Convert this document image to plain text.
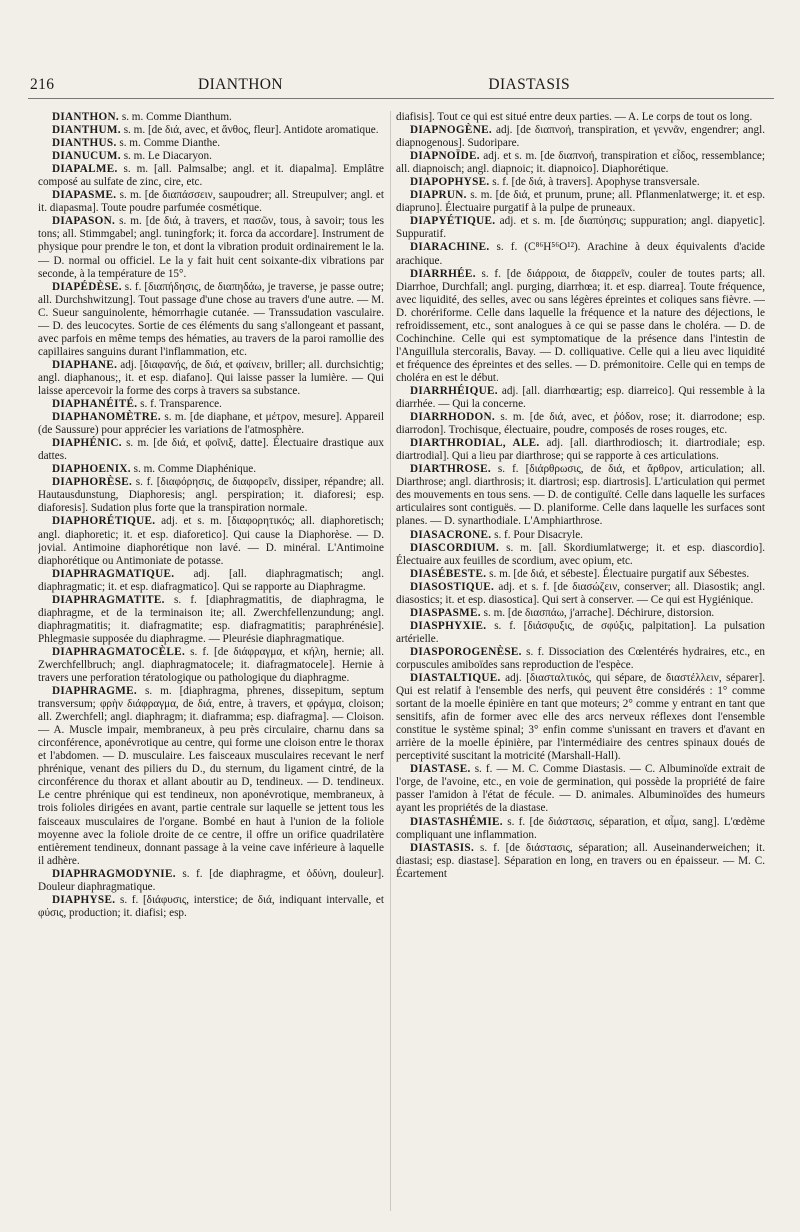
216	DIANTHON	DIASTASIS

DIANTHON. s. m. Comme Dianthum.

DIANTHUM. s. m. [de διά, avec, et ἄνθος, fleur]. Antidote aromatique.

DIANTHUS. s. m. Comme Dianthe.

DIANUCUM. s. m. Le Diacaryon.

DIAPALME. s. m. [all. Palmsalbe; angl. et it. diapalma]. Emplâtre composé au sulfate de zinc, cire, etc.

DIAPASME. s. m. [de διαπάσσειν, saupoudrer; all. Streupulver; angl. et it. diapasma]. Toute poudre parfumée cosmétique.

DIAPASON. s. m. [de διά, à travers, et πασῶν, tous, à savoir; tous les tons; all. Stimmgabel; angl. tuningfork; it. forca da accordare]. Instrument de physique pour prendre le ton, et dont la vibration produit ordinairement le la. — D. normal ou officiel. Le la y fait huit cent soixante-dix vibrations par seconde, à la température de 15°.

DIAPÉDÈSE. s. f. [διαπήδησις, de διαπηδάω, je traverse, je passe outre; all. Durchshwitzung]. Tout passage d'une chose au travers d'une autre. — M. C. Sueur sanguinolente, hémorrhagie cutanée. — Transsudation vasculaire. — D. des leucocytes. Sortie de ces éléments du sang s'allongeant et passant, avec parfois en même temps des hématies, au travers de la paroi ramollie des capillaires sanguins durant l'inflammation, etc.

DIAPHANE. adj. [διαφανής, de διά, et φαίνειν, briller; all. durchsichtig; angl. diaphanous;, it. et esp. diafano]. Qui laisse passer la lumière. — Qui laisse apercevoir la forme des corps à travers sa substance.

DIAPHANÉITÉ. s. f. Transparence.

DIAPHANOMÈTRE. s. m. [de diaphane, et μέτρον, mesure]. Appareil (de Saussure) pour apprécier les variations de l'atmosphère.

DIAPHÉNIC. s. m. [de διά, et φοῖνιξ, datte]. Électuaire drastique aux dattes.

DIAPHOENIX. s. m. Comme Diaphénique.

DIAPHORÈSE. s. f. [διαφόρησις, de διαφορεῖν, dissiper, répandre; all. Hautausdunstung, Diaphoresis; angl. perspiration; it. diaforesi; esp. diaforesis]. Sudation plus forte que la transpiration normale.

DIAPHORÉTIQUE. adj. et s. m. [διαφορητικός; all. diaphoretisch; angl. diaphoretic; it. et esp. diaforetico]. Qui cause la Diaphorèse. — D. jovial. Antimoine diaphorétique non lavé. — D. minéral. L'Antimoine diaphorétique ou Antimoniate de potasse.

DIAPHRAGMATIQUE. adj. [all. diaphragmatisch; angl. diaphragmatic; it. et esp. diafragmatico]. Qui se rapporte au Diaphragme.

DIAPHRAGMATITE. s. f. [diaphragmatitis, de diaphragma, le diaphragme, et de la terminaison ite; all. Zwerchfellenzundung; angl. diaphragmatitis; it. diafragmatite; esp. diafragmatitis; paraphrénésie]. Phlegmasie supposée du diaphragme. — Pleurésie diaphragmatique.

DIAPHRAGMATOCÈLE. s. f. [de διάφραγμα, et κήλη, hernie; all. Zwerchfellbruch; angl. diaphragmatocele; it. diafragmatocele]. Hernie à travers une perforation tératologique ou pathologique du diaphragme.

DIAPHRAGME. s. m. [diaphragma, phrenes, dissepitum, septum transversum; φρὴν διάφραγμα, de διά, entre, à travers, et φράγμα, cloison; all. Zwerchfell; angl. diaphragm; it. diaframma; esp. diafragma]. — Cloison. — A. Muscle impair, membraneux, à peu près circulaire, charnu dans sa circonférence, aponévrotique au centre, qui forme une cloison entre le thorax et l'abdomen. — D. musculaire. Les faisceaux musculaires recevant le nerf phrénique, venant des piliers du D., du sternum, du ligament cintré, de la circonférence du thorax et allant aboutir au D, tendineux. — D. tendineux. Le centre phrénique qui est tendineux, non aponévrotique, membraneux, à trois folioles dirigées en avant, partie centrale sur laquelle se jettent tous les faisceaux musculaires de l'organe. Bombé en haut à l'union de la foliole moyenne avec la foliole droite de ce centre, il offre un orifice quadrilatère entièrement tendineux, donnant passage à la veine cave inférieure à laquelle il adhère.

DIAPHRAGMODYNIE. s. f. [de diaphragme, et ὀδύνη, douleur]. Douleur diaphragmatique.

DIAPHYSE. s. f. [διάφυσις, interstice; de διά, indiquant intervalle, et φύσις, production; it. diafisi; esp.

diafisis]. Tout ce qui est situé entre deux parties. — A. Le corps de tout os long.

DIAPNOGÈNE. adj. [de διαπνοή, transpiration, et γεννᾶν, engendrer; angl. diapnogenous]. Sudoripare.

DIAPNOÏDE. adj. et s. m. [de διαπνοή, transpiration et εἶδος, ressemblance; all. diapnoisch; angl. diapnoic; it. diapnoico]. Diaphorétique.

DIAPOPHYSE. s. f. [de διά, à travers]. Apophyse transversale.

DIAPRUN. s. m. [de διά, et prunum, prune; all. Pflanmenlatwerge; it. et esp. diapruno]. Électuaire purgatif à la pulpe de pruneaux.

DIAPYÉTIQUE. adj. et s. m. [de διαπύησις; suppuration; angl. diapyetic]. Suppuratif.

DIARACHINE. s. f. (C⁸⁶H⁵⁶O¹²). Arachine à deux équivalents d'acide arachique.

DIARRHÉE. s. f. [de διάρροια, de διαρρεῖν, couler de toutes parts; all. Diarrhoe, Durchfall; angl. purging, diarrhœa; it. et esp. diarrea]. Toute fréquence, avec liquidité, des selles, avec ou sans légères épreintes et coliques sans fièvre. — D. chorériforme. Celle dans laquelle la fréquence et la nature des déjections, le refroidissement, etc., sont analogues à ce qui se passe dans le choléra. — D. de Cochinchine. Celle qui est symptomatique de la présence dans l'intestin de l'Anguillula stercoralis, Bavay. — D. colliquative. Celle qui a lieu avec liquidité et fréquence des épreintes et des selles. — D. prémonitoire. Celle qui en temps de choléra en est le début.

DIARRHÉIQUE. adj. [all. diarrhœartig; esp. diarreico]. Qui ressemble à la diarrhée. — Qui la concerne.

DIARRHODON. s. m. [de διά, avec, et ῥόδον, rose; it. diarrodone; esp. diarrodon]. Trochisque, électuaire, poudre, composés de roses rouges, etc.

DIARTHRODIAL, ALE. adj. [all. diarthrodiosch; it. diartrodiale; esp. diartrodial]. Qui a lieu par diarthrose; qui se rapporte à ces articulations.

DIARTHROSE. s. f. [διάρθρωσις, de διά, et ἄρθρον, articulation; all. Diarthrose; angl. diarthrosis; it. diartrosi; esp. diartrosis]. L'articulation qui permet des mouvements en tous sens. — D. de contiguïté. Celle dans laquelle les surfaces articulaires sont contiguës. — D. planiforme. Celle dans laquelle les surfaces sont planes. — D. synarthodiale. L'Amphiarthrose.

DIASACRONE. s. f. Pour Disacryle.

DIASCORDIUM. s. m. [all. Skordiumlatwerge; it. et esp. diascordio]. Électuaire aux feuilles de scordium, avec opium, etc.

DIASÉBESTE. s. m. [de διά, et sébeste]. Électuaire purgatif aux Sébestes.

DIASOSTIQUE. adj. et s. f. [de διασώζειν, conserver; all. Diasostik; angl. diasostics; it. et esp. diasostica]. Qui sert à conserver. — Ce qui est Hygiénique.

DIASPASME. s. m. [de διασπάω, j'arrache]. Déchirure, distorsion.

DIASPHYXIE. s. f. [διάσφυξις, de σφύξις, palpitation]. La pulsation artérielle.

DIASPOROGENÈSE. s. f. Dissociation des Cœlentérés hydraires, etc., en corpuscules amiboïdes sans reproduction de l'espèce.

DIASTALTIQUE. adj. [διασταλτικός, qui sépare, de διαστέλλειν, séparer]. Qui est relatif à l'ensemble des nerfs, qui peuvent être considérés : 1° comme sortant de la moelle épinière en tant que moteurs; 2° comme y entrant en tant que sensitifs, afin de former avec elle des arcs nerveux réflexes dont l'ensemble constitue le système spinal; 3° enfin comme s'unissant en travers et d'avant en arrière de la moelle épinière, par l'intermédiaire des centres spinaux doués de perceptivité suscitant la motricité (Marshall-Hall).

DIASTASE. s. f. — M. C. Comme Diastasis. — C. Albuminoïde extrait de l'orge, de l'avoine, etc., en voie de germination, qui possède la propriété de faire passer l'amidon à l'état de fécule. — D. animales. Albuminoïdes des humeurs ayant les propriétés de la diastase.

DIASTASHÉMIE. s. f. [de διάστασις, séparation, et αἷμα, sang]. L'œdème compliquant une inflammation.

DIASTASIS. s. f. [de διάστασις, séparation; all. Auseinanderweichen; it. diastasi; esp. diastase]. Séparation en long, en travers ou en épaisseur. — M. C. Écartement
